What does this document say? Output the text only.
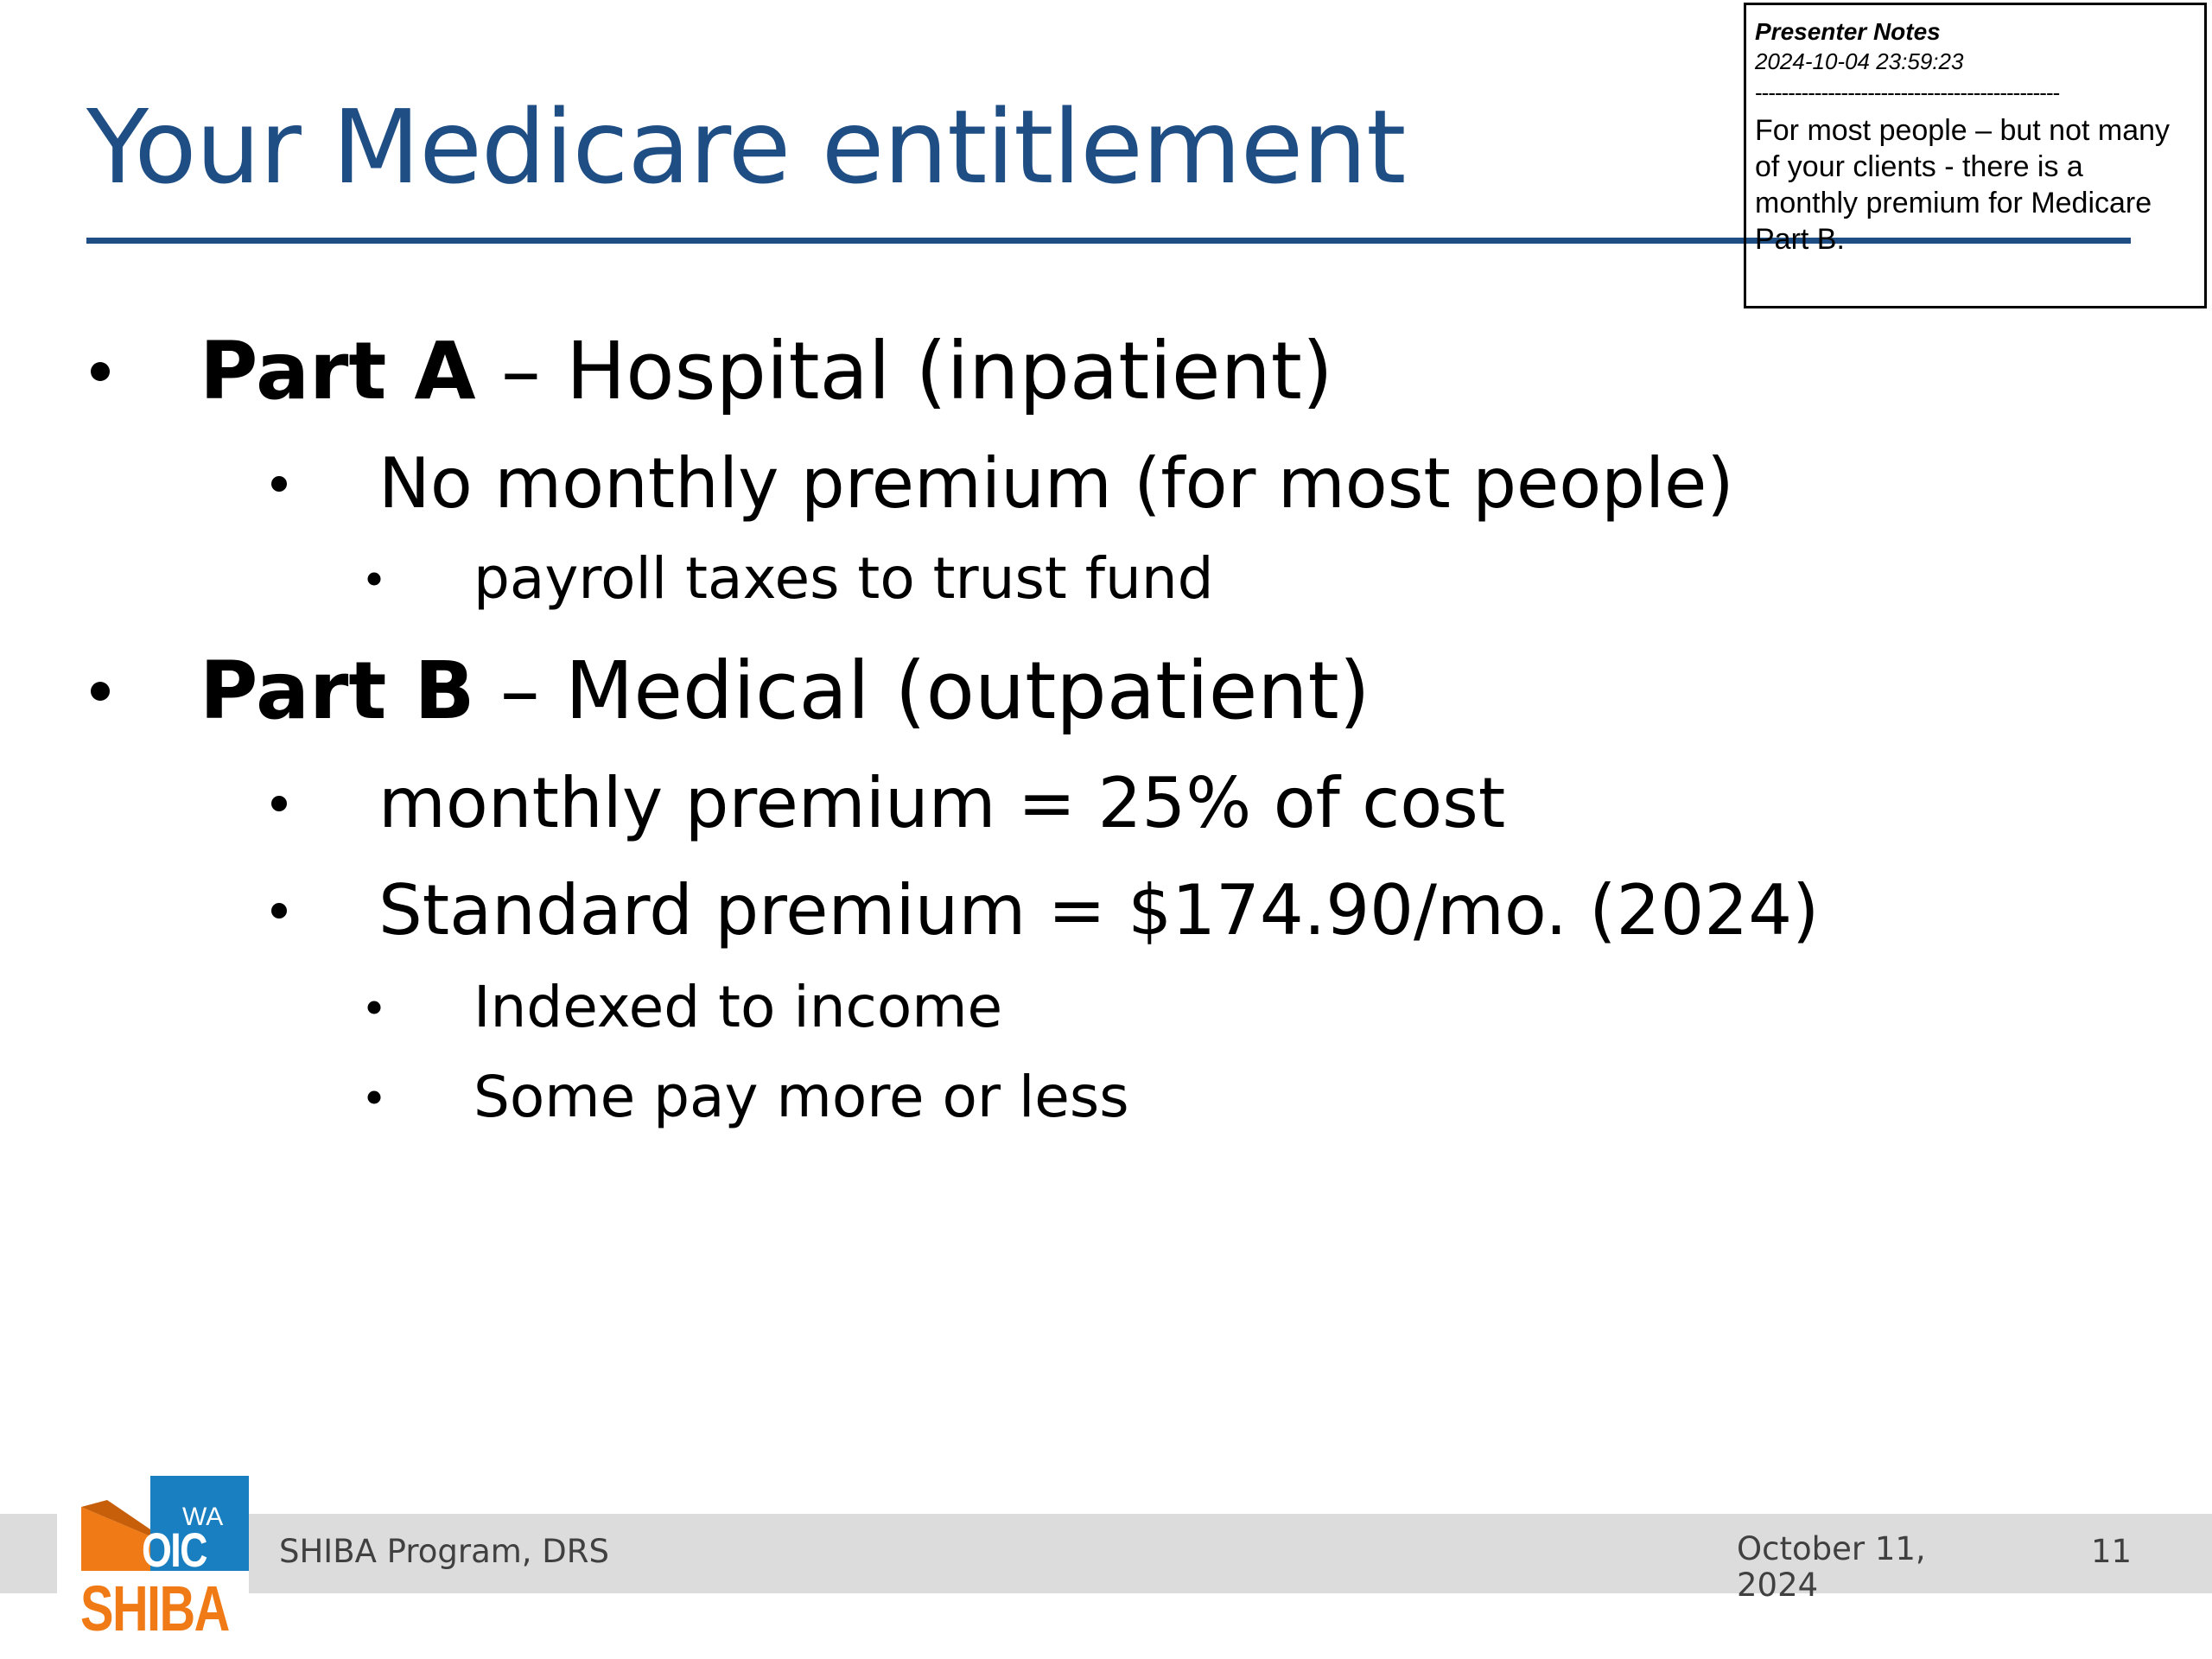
Your Medicare entitlement
Part A – Hospital (inpatient)
No monthly premium (for most people)
payroll taxes to trust fund
Part B – Medical (outpatient)
monthly premium = 25% of cost
Standard premium = $174.90/mo. (2024)
Indexed to income
Some pay more or less
Presenter Notes
2024-10-04 23:59:23
----------------------------------------------
For most people – but not many of your clients - there is a monthly premium for Medicare Part B.
SHIBA Program, DRS	October 11, 2024
11
WA
OIC
SHIBA
